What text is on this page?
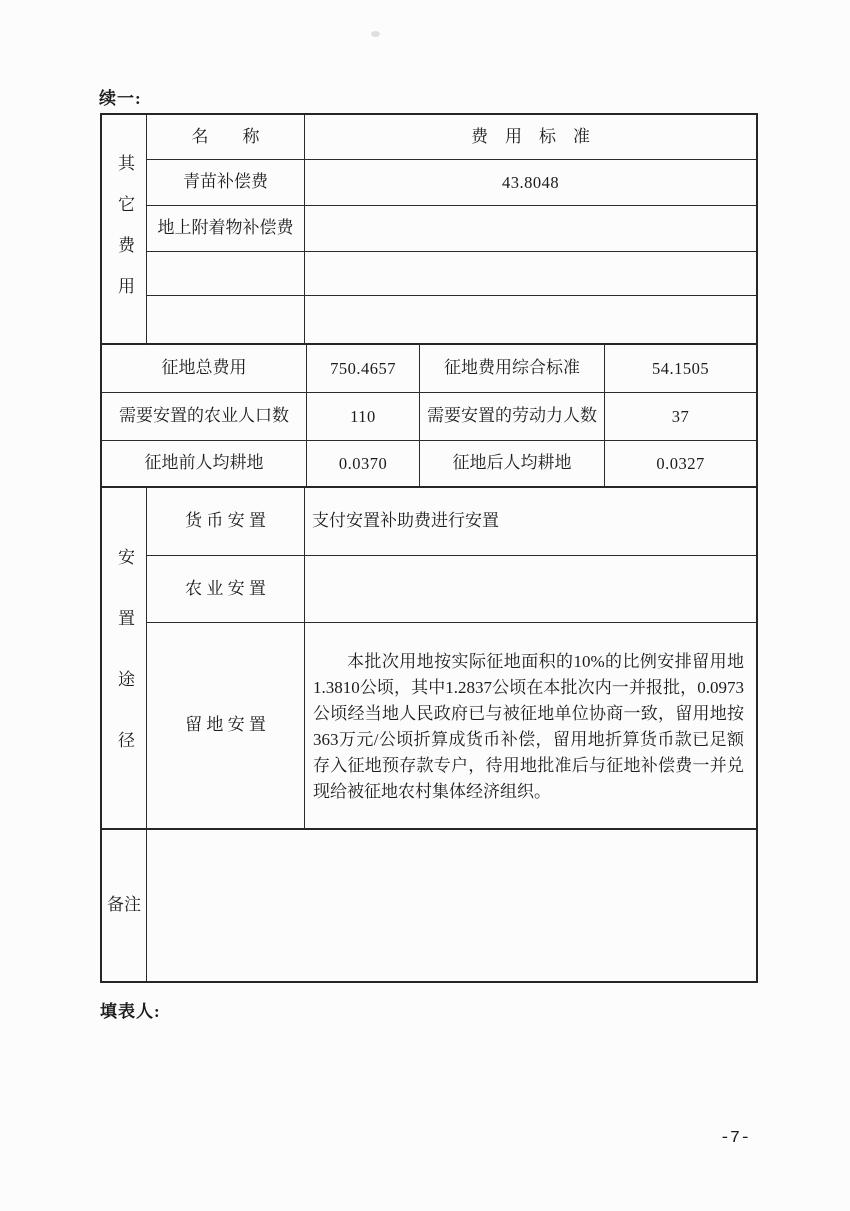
续一:
其它费用
名　　称	费　用　标　准
青苗补偿费	43.8048
地上附着物补偿费
征地总费用	750.4657	征地费用综合标准	54.1505
需要安置的农业人口数	110	需要安置的劳动力人数	37
征地前人均耕地	0.0370	征地后人均耕地	0.0327
安置途径
货 币 安 置	支付安置补助费进行安置
农 业 安 置
留 地 安 置

本批次用地按实际征地面积的10%的比例安排留用地1.3810公顷，其中1.2837公顷在本批次内一并报批，0.0973公顷经当地人民政府已与被征地单位协商一致，留用地按363万元/公顷折算成货币补偿，留用地折算货币款已足额存入征地预存款专户，待用地批准后与征地补偿费一并兑现给被征地农村集体经济组织。

备注
填表人:
-7-
